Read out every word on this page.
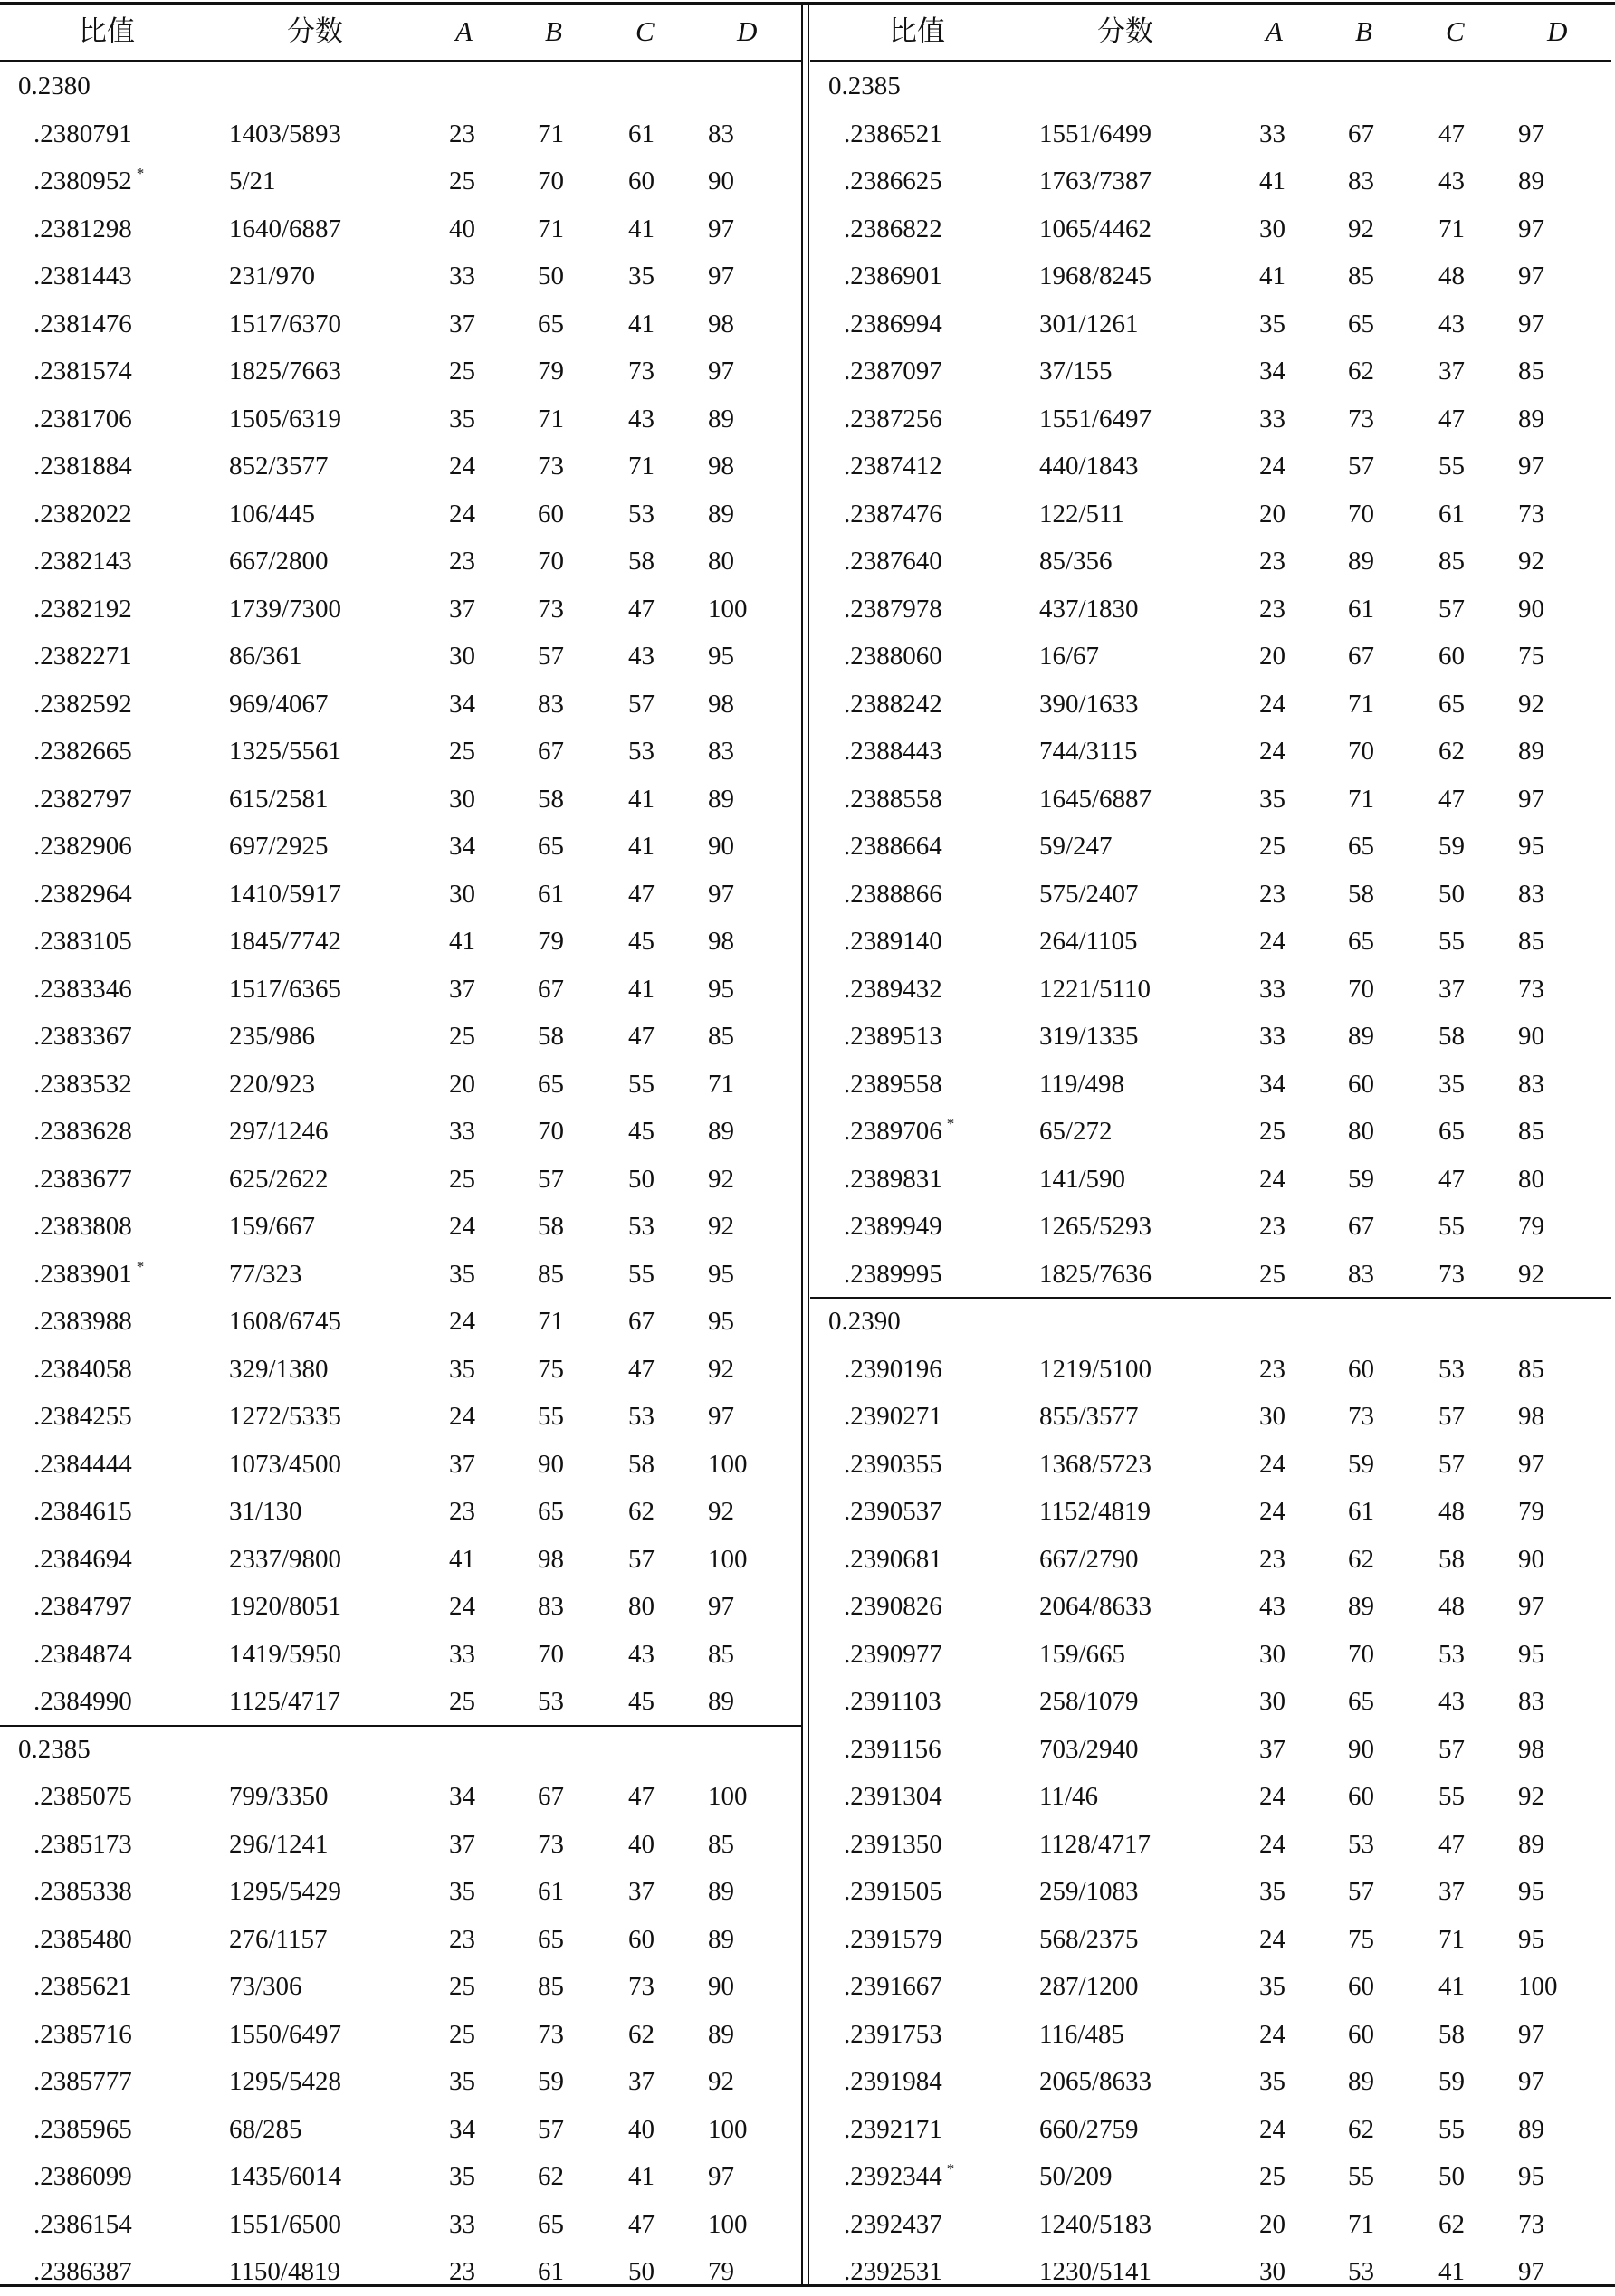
比值	分数	A	B	C	D
0.2380
.2380791	1403/5893	23 71 61 83
.2380952 *	5/21	25 70 60 90
.2381298	1640/6887	40 71 41 97
.2381443	231/970	33 50 35 97
.2381476	1517/6370	37 65 41 98
.2381574	1825/7663	25 79 73 97
.2381706	1505/6319	35 71 43 89
.2381884	852/3577	24 73 71 98
.2382022	106/445	24 60 53 89
.2382143	667/2800	23 70 58 80
.2382192	1739/7300	37 73 47 100
.2382271	86/361	30 57 43 95
.2382592	969/4067	34 83 57 98
.2382665	1325/5561	25 67 53 83
.2382797	615/2581	30 58 41 89
.2382906	697/2925	34 65 41 90
.2382964	1410/5917	30 61 47 97
.2383105	1845/7742	41 79 45 98
.2383346	1517/6365	37 67 41 95
.2383367	235/986	25 58 47 85
.2383532	220/923	20 65 55 71
.2383628	297/1246	33 70 45 89
.2383677	625/2622	25 57 50 92
.2383808	159/667	24 58 53 92
.2383901 *	77/323	35 85 55 95
.2383988	1608/6745	24 71 67 95
.2384058	329/1380	35 75 47 92
.2384255	1272/5335	24 55 53 97
.2384444	1073/4500	37 90 58 100
.2384615	31/130	23 65 62 92
.2384694	2337/9800	41 98 57 100
.2384797	1920/8051	24 83 80 97
.2384874	1419/5950	33 70 43 85
.2384990	1125/4717	25 53 45 89
0.2385
.2385075	799/3350	34 67 47 100
.2385173	296/1241	37 73 40 85
.2385338	1295/5429	35 61 37 89
.2385480	276/1157	23 65 60 89
.2385621	73/306	25 85 73 90
.2385716	1550/6497	25 73 62 89
.2385777	1295/5428	35 59 37 92
.2385965	68/285	34 57 40 100
.2386099	1435/6014	35 62 41 97
.2386154	1551/6500	33 65 47 100
.2386387	1150/4819	23 61 50 79
比值	分数	A	B	C	D
0.2385
.2386521	1551/6499	33 67 47 97
.2386625	1763/7387	41 83 43 89
.2386822	1065/4462	30 92 71 97
.2386901	1968/8245	41 85 48 97
.2386994	301/1261	35 65 43 97
.2387097	37/155	34 62 37 85
.2387256	1551/6497	33 73 47 89
.2387412	440/1843	24 57 55 97
.2387476	122/511	20 70 61 73
.2387640	85/356	23 89 85 92
.2387978	437/1830	23 61 57 90
.2388060	16/67	20 67 60 75
.2388242	390/1633	24 71 65 92
.2388443	744/3115	24 70 62 89
.2388558	1645/6887	35 71 47 97
.2388664	59/247	25 65 59 95
.2388866	575/2407	23 58 50 83
.2389140	264/1105	24 65 55 85
.2389432	1221/5110	33 70 37 73
.2389513	319/1335	33 89 58 90
.2389558	119/498	34 60 35 83
.2389706 *	65/272	25 80 65 85
.2389831	141/590	24 59 47 80
.2389949	1265/5293	23 67 55 79
.2389995	1825/7636	25 83 73 92
0.2390
.2390196	1219/5100	23 60 53 85
.2390271	855/3577	30 73 57 98
.2390355	1368/5723	24 59 57 97
.2390537	1152/4819	24 61 48 79
.2390681	667/2790	23 62 58 90
.2390826	2064/8633	43 89 48 97
.2390977	159/665	30 70 53 95
.2391103	258/1079	30 65 43 83
.2391156	703/2940	37 90 57 98
.2391304	11/46	24 60 55 92
.2391350	1128/4717	24 53 47 89
.2391505	259/1083	35 57 37 95
.2391579	568/2375	24 75 71 95
.2391667	287/1200	35 60 41 100
.2391753	116/485	24 60 58 97
.2391984	2065/8633	35 89 59 97
.2392171	660/2759	24 62 55 89
.2392344 *	50/209	25 55 50 95
.2392437	1240/5183	20 71 62 73
.2392531	1230/5141	30 53 41 97
